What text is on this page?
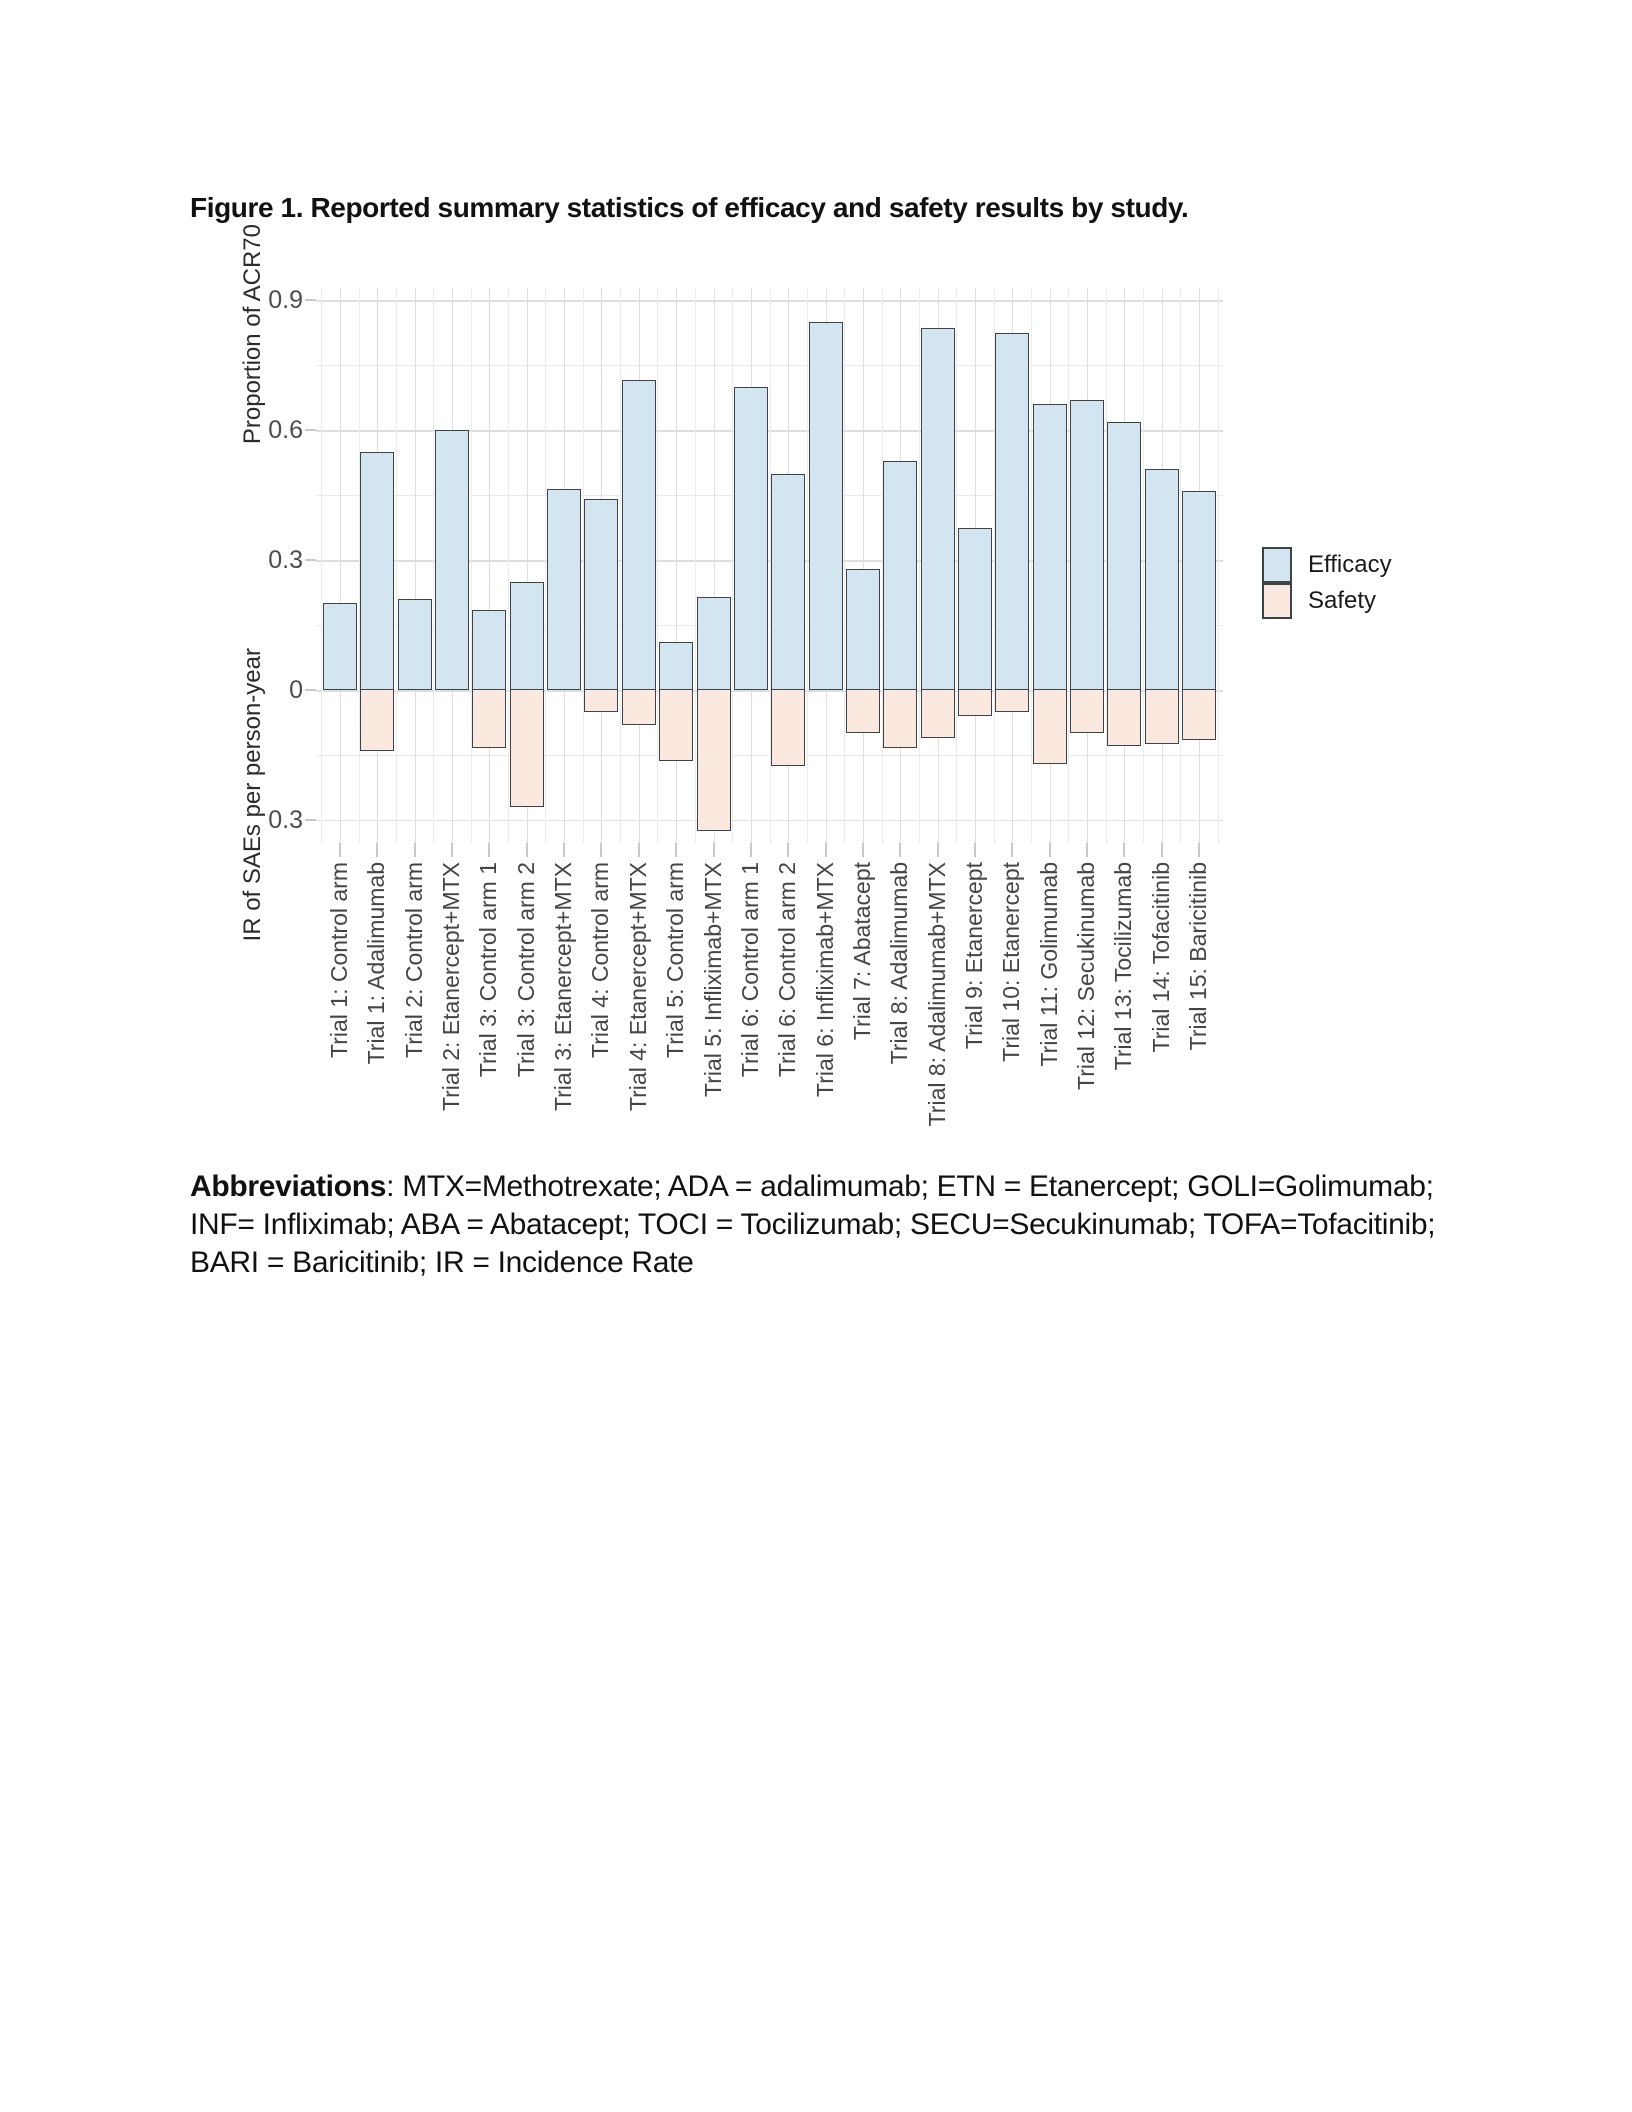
Figure 1. Reported summary statistics of efficacy and safety results by study.
Proportion of ACR70
IR of SAEs per person-year
Efficacy
Safety
0
0.3
0.6
0.9
0.3
Trial 1: Control arm Trial 1: Adalimumab Trial 2: Control arm Trial 2: Etanercept+MTX Trial 3: Control arm 1 Trial 3: Control arm 2 Trial 3: Etanercept+MTX Trial 4: Control arm Trial 4: Etanercept+MTX Trial 5: Control arm Trial 5: Infliximab+MTX Trial 6: Control arm 1 Trial 6: Control arm 2 Trial 6: Infliximab+MTX Trial 7: Abatacept Trial 8: Adalimumab Trial 8: Adalimumab+MTX Trial 9: Etanercept Trial 10: Etanercept Trial 11: Golimumab Trial 12: Secukinumab Trial 13: Tocilizumab Trial 14: Tofacitinib Trial 15: Baricitinib
Abbreviations: MTX=Methotrexate; ADA = adalimumab; ETN = Etanercept; GOLI=Golimumab;
INF= Infliximab; ABA = Abatacept; TOCI = Tocilizumab; SECU=Secukinumab; TOFA=Tofacitinib;
BARI = Baricitinib; IR = Incidence Rate
